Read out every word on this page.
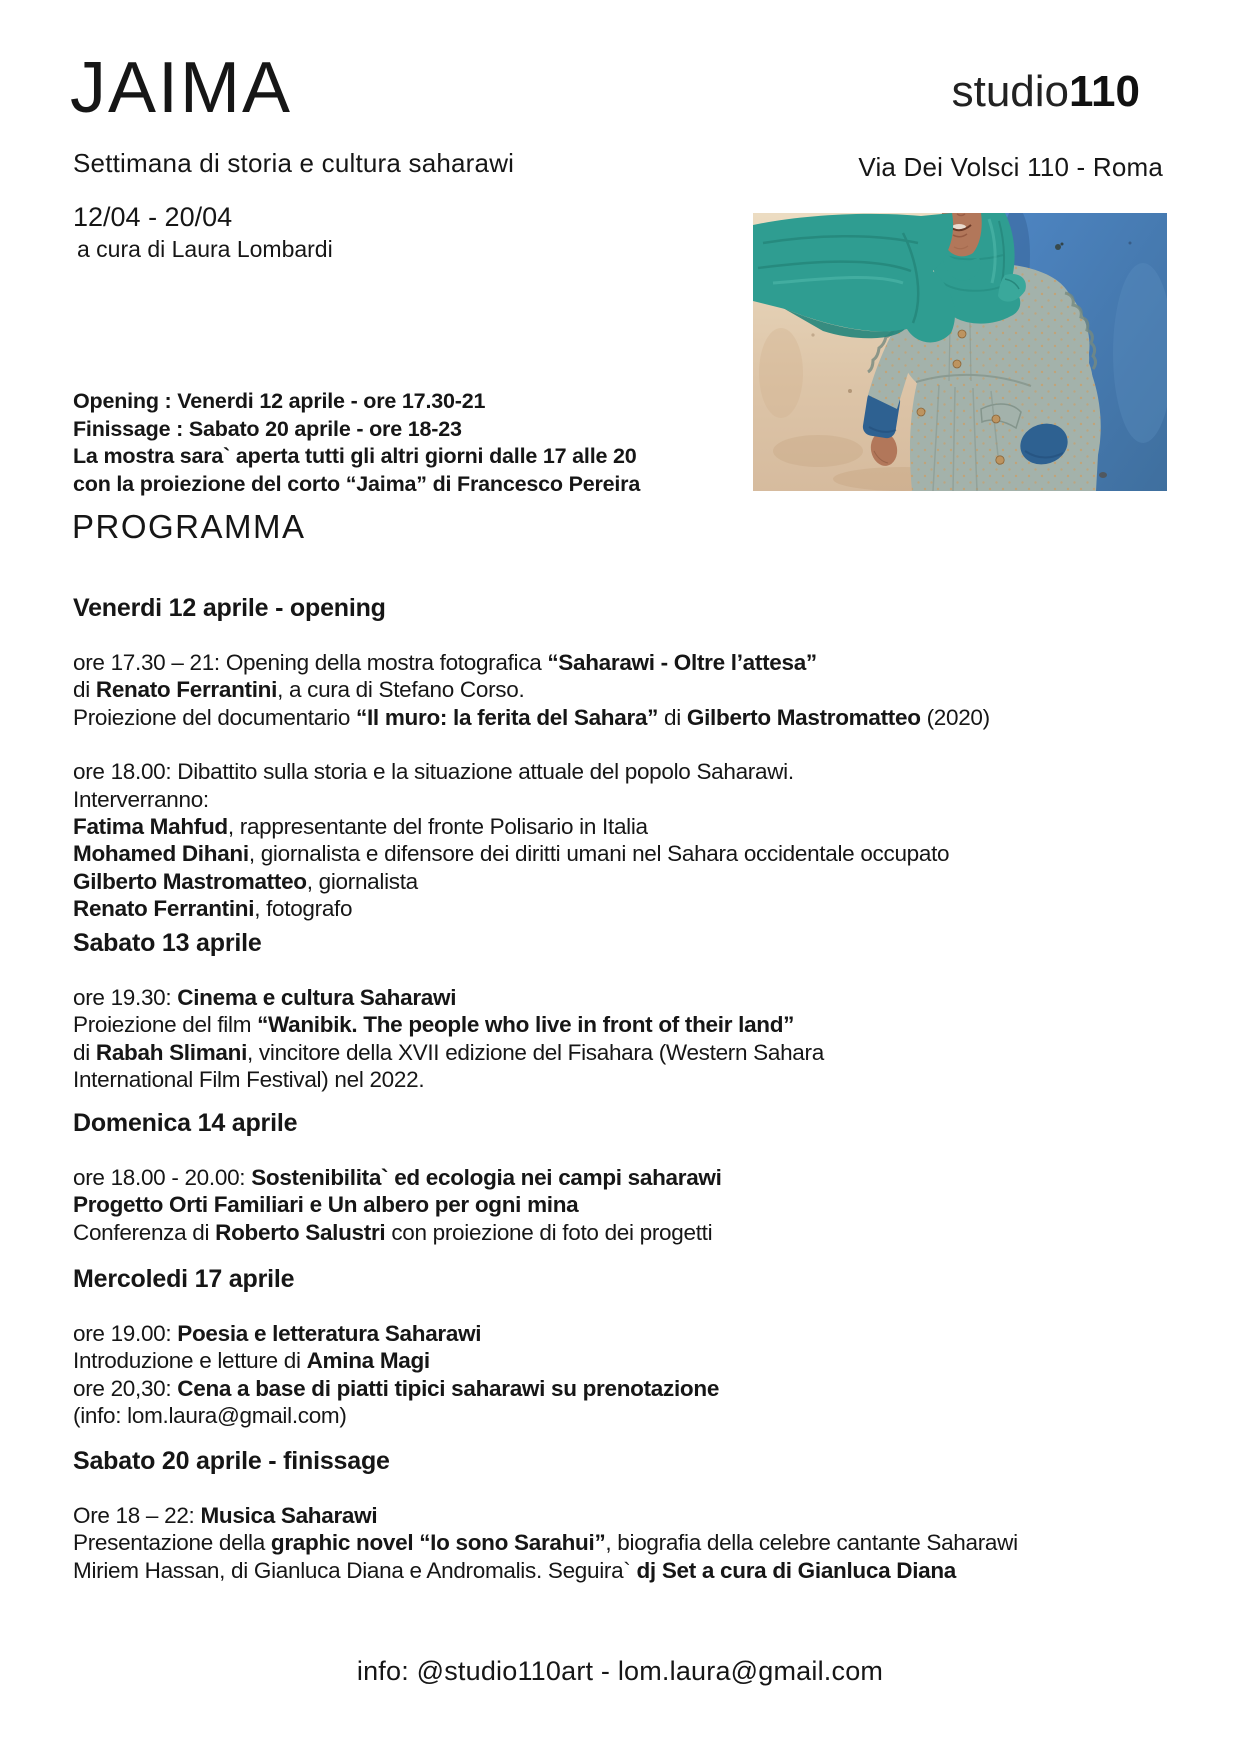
JAIMA
Settimana di storia e cultura saharawi
12/04 - 20/04
a cura di Laura Lombardi
studio110
Via Dei Volsci 110 - Roma
Opening : Venerdi 12 aprile - ore 17.30-21
Finissage : Sabato 20 aprile - ore 18-23
La mostra sara` aperta tutti gli altri giorni dalle 17 alle 20
con la proiezione del corto “Jaima” di Francesco Pereira
PROGRAMMA
Venerdi 12 aprile - opening

ore 17.30 – 21: Opening della mostra fotografica “Saharawi - Oltre l’attesa”
di Renato Ferrantini, a cura di Stefano Corso.
Proiezione del documentario “Il muro: la ferita del Sahara” di Gilberto Mastromatteo (2020)

ore 18.00: Dibattito sulla storia e la situazione attuale del popolo Saharawi.
Interverranno:
Fatima Mahfud, rappresentante del fronte Polisario in Italia
Mohamed Dihani, giornalista e difensore dei diritti umani nel Sahara occidentale occupato
Gilberto Mastromatteo, giornalista
Renato Ferrantini, fotografo

Sabato 13 aprile

ore 19.30: Cinema e cultura Saharawi
Proiezione del film “Wanibik. The people who live in front of their land”
di Rabah Slimani, vincitore della XVII edizione del Fisahara (Western Sahara
International Film Festival) nel 2022.

Domenica 14 aprile

ore 18.00 - 20.00: Sostenibilita` ed ecologia nei campi saharawi
Progetto Orti Familiari e Un albero per ogni mina
Conferenza di Roberto Salustri con proiezione di foto dei progetti

Mercoledi 17 aprile

ore 19.00: Poesia e letteratura Saharawi
Introduzione e letture di Amina Magi
ore 20,30: Cena a base di piatti tipici saharawi su prenotazione
(info: lom.laura@gmail.com)

Sabato 20 aprile - finissage

Ore 18 – 22: Musica Saharawi
Presentazione della graphic novel “Io sono Sarahui”, biografia della celebre cantante Saharawi
Miriem Hassan, di Gianluca Diana e Andromalis. Seguira` dj Set a cura di Gianluca Diana

info: @studio110art - lom.laura@gmail.com
